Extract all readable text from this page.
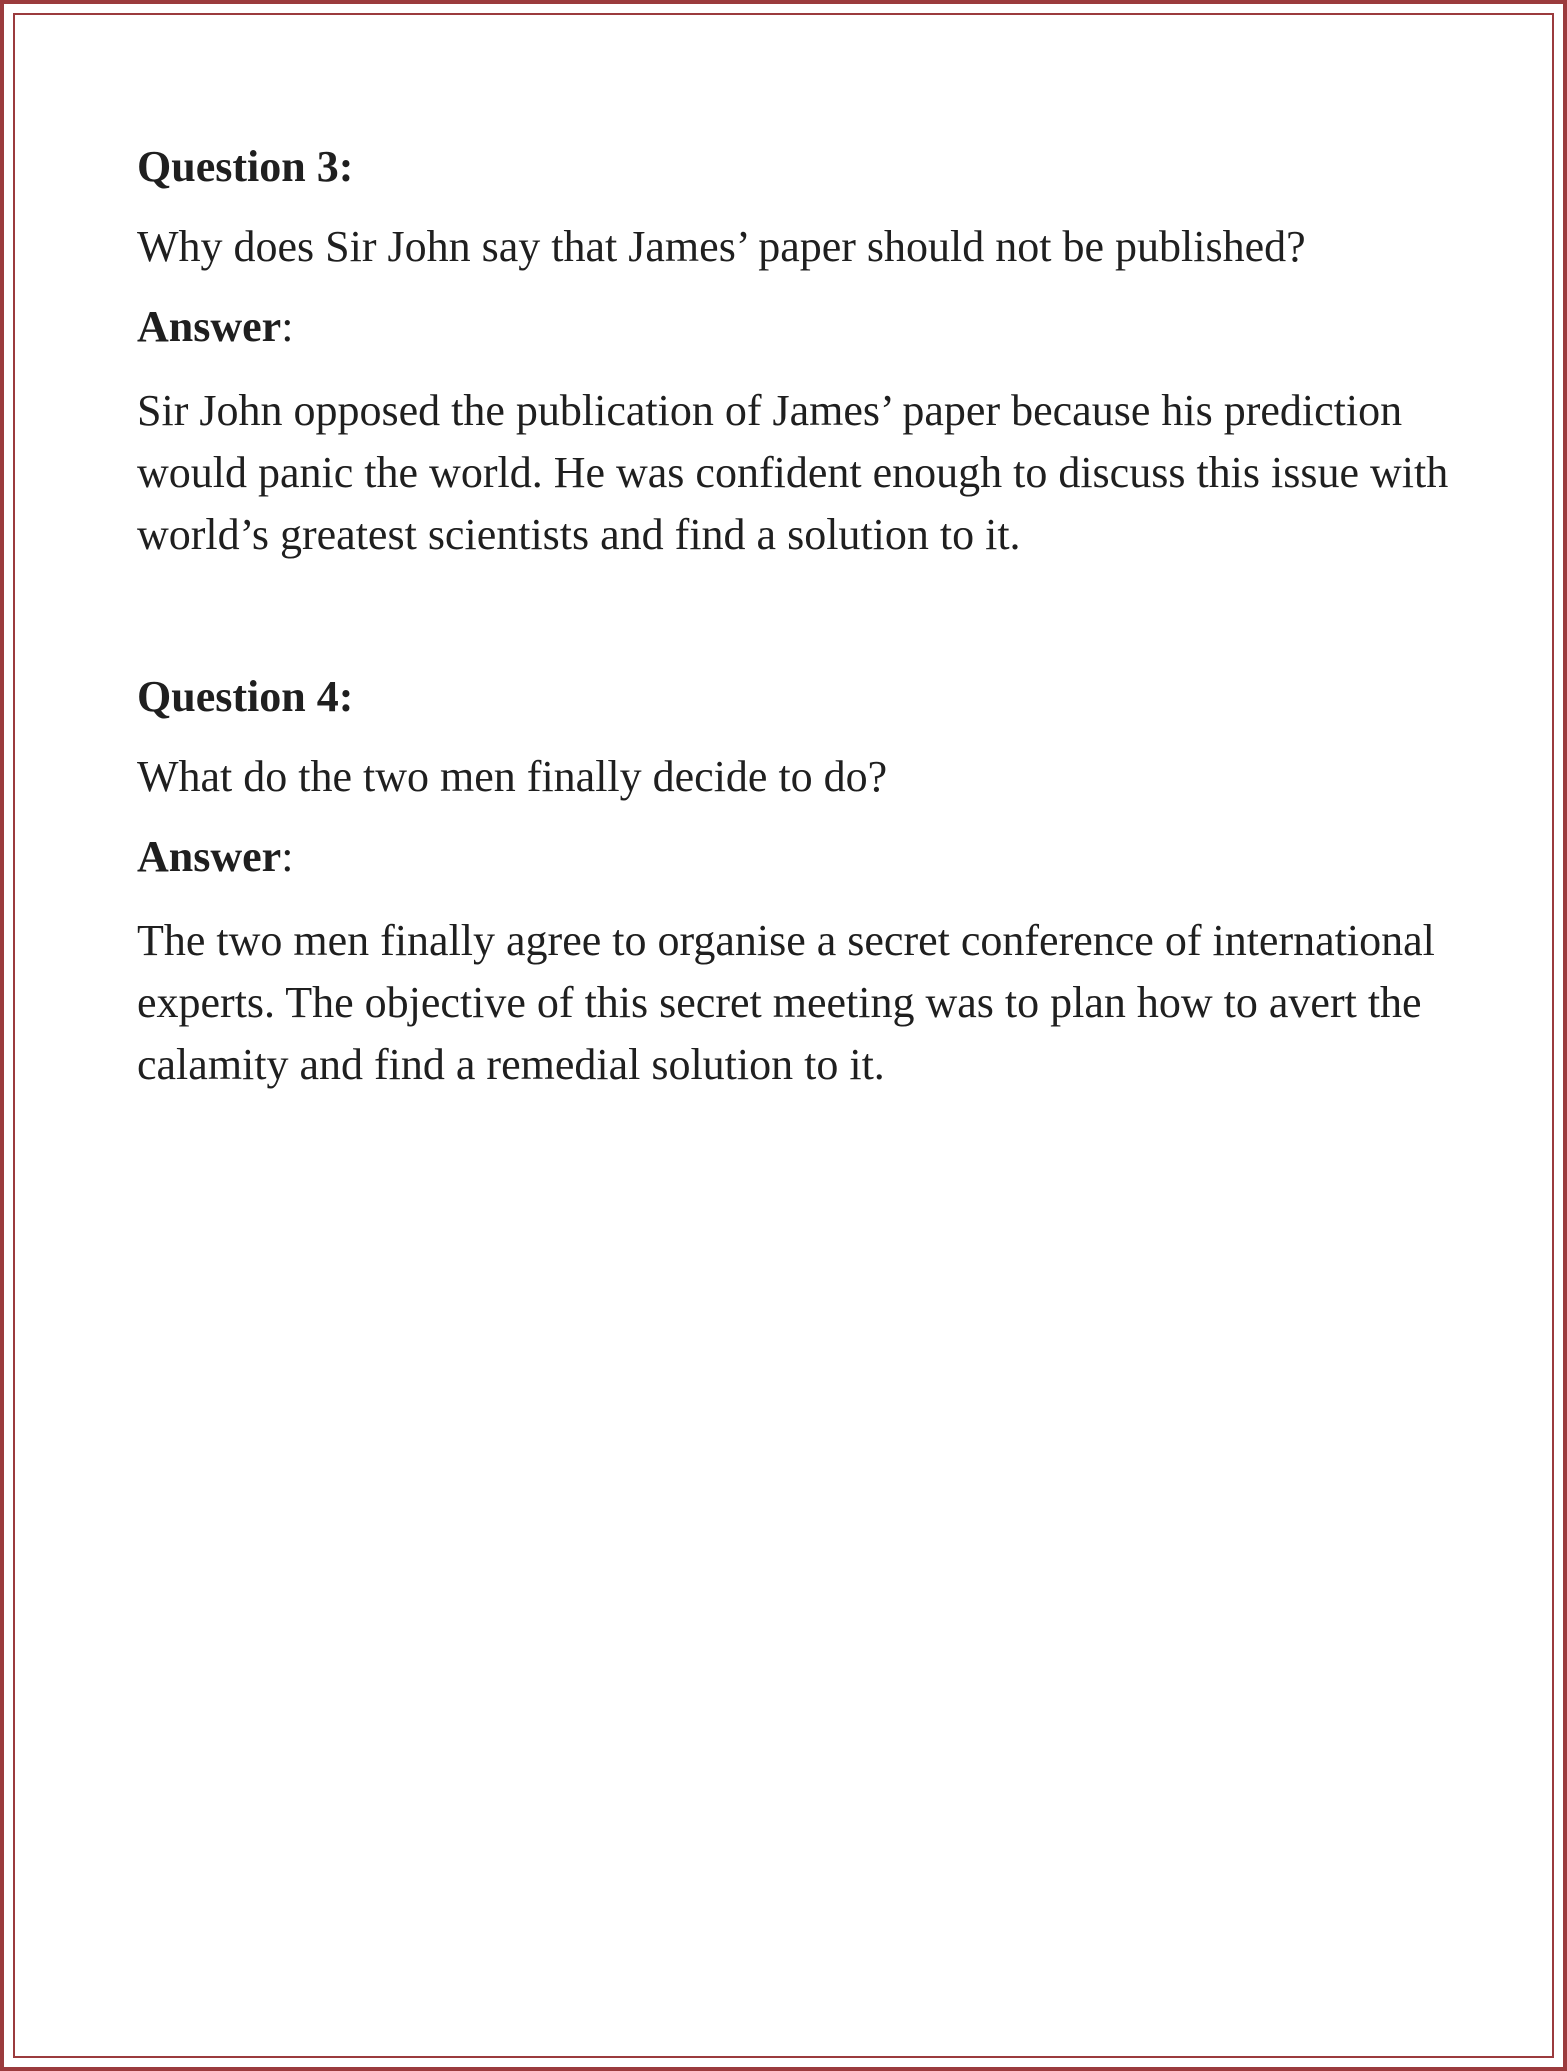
Question 3:

Why does Sir John say that James’ paper should not be published?

Answer:

Sir John opposed the publication of James’ paper because his prediction would panic the world. He was confident enough to discuss this issue with world’s greatest scientists and find a solution to it.

Question 4:

What do the two men finally decide to do?

Answer:

The two men finally agree to organise a secret conference of international experts. The objective of this secret meeting was to plan how to avert the calamity and find a remedial solution to it.
